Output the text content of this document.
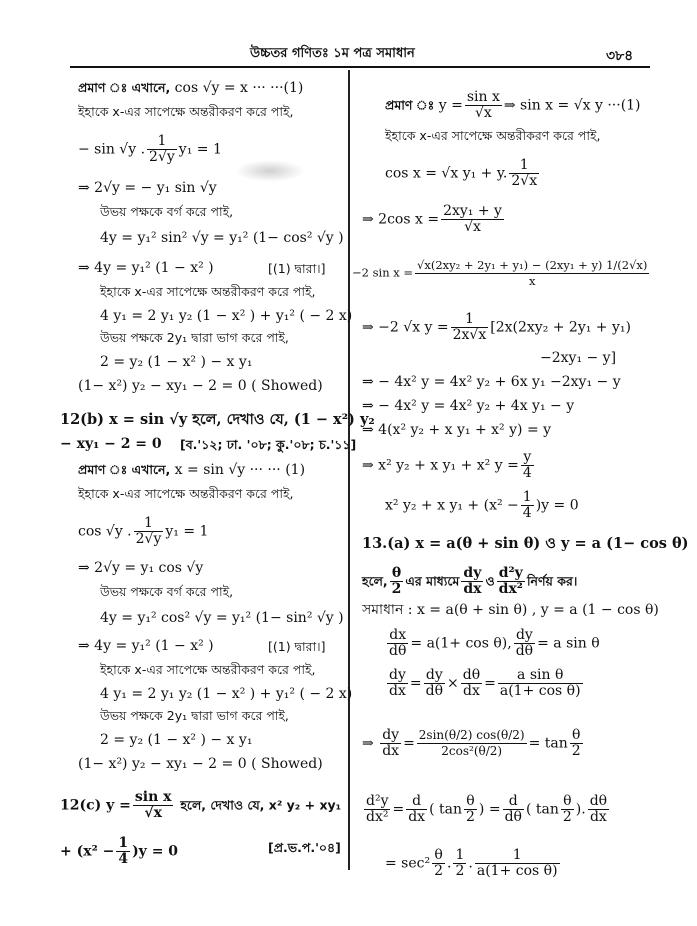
উচ্চতর গণিতঃ ১ম পত্র সমাধান	৩৮৪
প্রমাণ ঃ এখানে, cos √y = x ··· ···(1)
ইহাকে x-এর সাপেক্ষে অন্তরীকরণ করে পাই,
− sin √y . $\frac{1}{2√y} y_1 = 1$
⇒ 2√y = − y₁ sin √y
উভয় পক্ষকে বর্গ করে পাই,
4y = y₁² sin² √y = y₁² (1− cos² √y )
⇒ 4y = y₁² (1 − x² )	[(1) দ্বারা।]
ইহাকে x-এর সাপেক্ষে অন্তরীকরণ করে পাই,
4 y₁ = 2 y₁ y₂ (1 − x² ) + y₁² ( − 2 x)
উভয় পক্ষকে 2y₁ দ্বারা ভাগ করে পাই,
2 = y₂ (1 − x² ) − x y₁
(1− x²) y₂ − xy₁ − 2 = 0 ( Showed)
12(b) x = sin √y হলে, দেখাও যে, (1 − x²) y₂
− xy₁ − 2 = 0 [ব.'১২; ঢা. '০৮; কু.'০৮; চ.'১১]
প্রমাণ ঃ এখানে, x = sin √y ··· ··· (1)
ইহাকে x-এর সাপেক্ষে অন্তরীকরণ করে পাই,
cos √y . $\frac{1}{2√y} y_1 = 1$
⇒ 2√y = y₁ cos √y
উভয় পক্ষকে বর্গ করে পাই,
4y = y₁² cos² √y = y₁² (1− sin² √y )
⇒ 4y = y₁² (1 − x² )	[(1) দ্বারা।]
ইহাকে x-এর সাপেক্ষে অন্তরীকরণ করে পাই,
4 y₁ = 2 y₁ y₂ (1 − x² ) + y₁² ( − 2 x)
উভয় পক্ষকে 2y₁ দ্বারা ভাগ করে পাই,
2 = y₂ (1 − x² ) − x y₁
(1− x²) y₂ − xy₁ − 2 = 0 ( Showed)
12(c) $y = \frac{\text{sin x}}{√x}$ হলে, দেখাও যে, x² y₂ + xy₁
+ $(x^2 - \frac{1}{4} )y = 0$	[প্র.ভ.প.'০৪]
প্রমাণ ঃ $y = \frac{\text{sin x}}{√x}$ ⇒ sin x = √x y ···(1)
ইহাকে x-এর সাপেক্ষে অন্তরীকরণ করে পাই,
cos x = √x y₁ + y. $\frac{1}{2√x}$
⇒ 2cos $x = \frac{\text{2xy₁ + y}}{√x}$
−2 $\sin x = \frac{\text{√x(2xy₂ + 2y₁ + y₁) − (2xy₁ + y) 1/(2√x)}}{x}$
⇒ −2 √x $y = \frac{1}{2x√x} [2x(2xy_2 + 2y_1 + y_1)$
−2xy₁ − y]
⇒ − 4x² y = 4x² y₂ + 6x y₁ −2xy₁ − y
⇒ − 4x² y = 4x² y₂ + 4x y₁ − y
⇒ 4(x² y₂ + x y₁ + x² y) = y
⇒ x² y₂ + x y₁ + x² $y = \frac{y}{4}$
x² y₂ + x $y_1 + (x^2 - \frac{1}{4} )y = 0$
13.(a) x = a(θ + sin θ) ও y = a (1− cos θ)
হলে, $\frac{\theta}{2}$ এর মাধ্যমে $\frac{dy}{dx}$ ও $\frac{\text{d²y}}{\text{dx²}}$ নির্ণয় কর।
সমাধান : x = a(θ + sin θ) , y = a (1 − cos θ)
$\frac{dx}{d\theta} = a(1+ \cos \theta)$, $\frac{dy}{d\theta} = a$ sin θ
$\frac{dy}{dx} = \frac{dy}{d\theta} \times \frac{d\theta}{dx} = \frac{\text{a sin θ}}{\text{a(1+ cos θ)}}$
⇒ $\frac{dy}{dx} = \frac{2\sin(\theta/2) \cos(\theta/2)}{\text{2cos²(θ/2)}} = \tan \frac{\theta}{2}$
$\frac{\text{d²y}}{\text{dx²}} = \frac{d}{dx}$ ( $\tan \frac{\theta}{2}$ ) = $\frac{d}{d\theta}$ ( $\tan \frac{\theta}{2}$ ). $\frac{d\theta}{dx}$
= $\sec^2 \frac{\theta}{2}$ . $\frac{1}{2}$ . $\frac{1}{\text{a(1+ cos θ)}}$
